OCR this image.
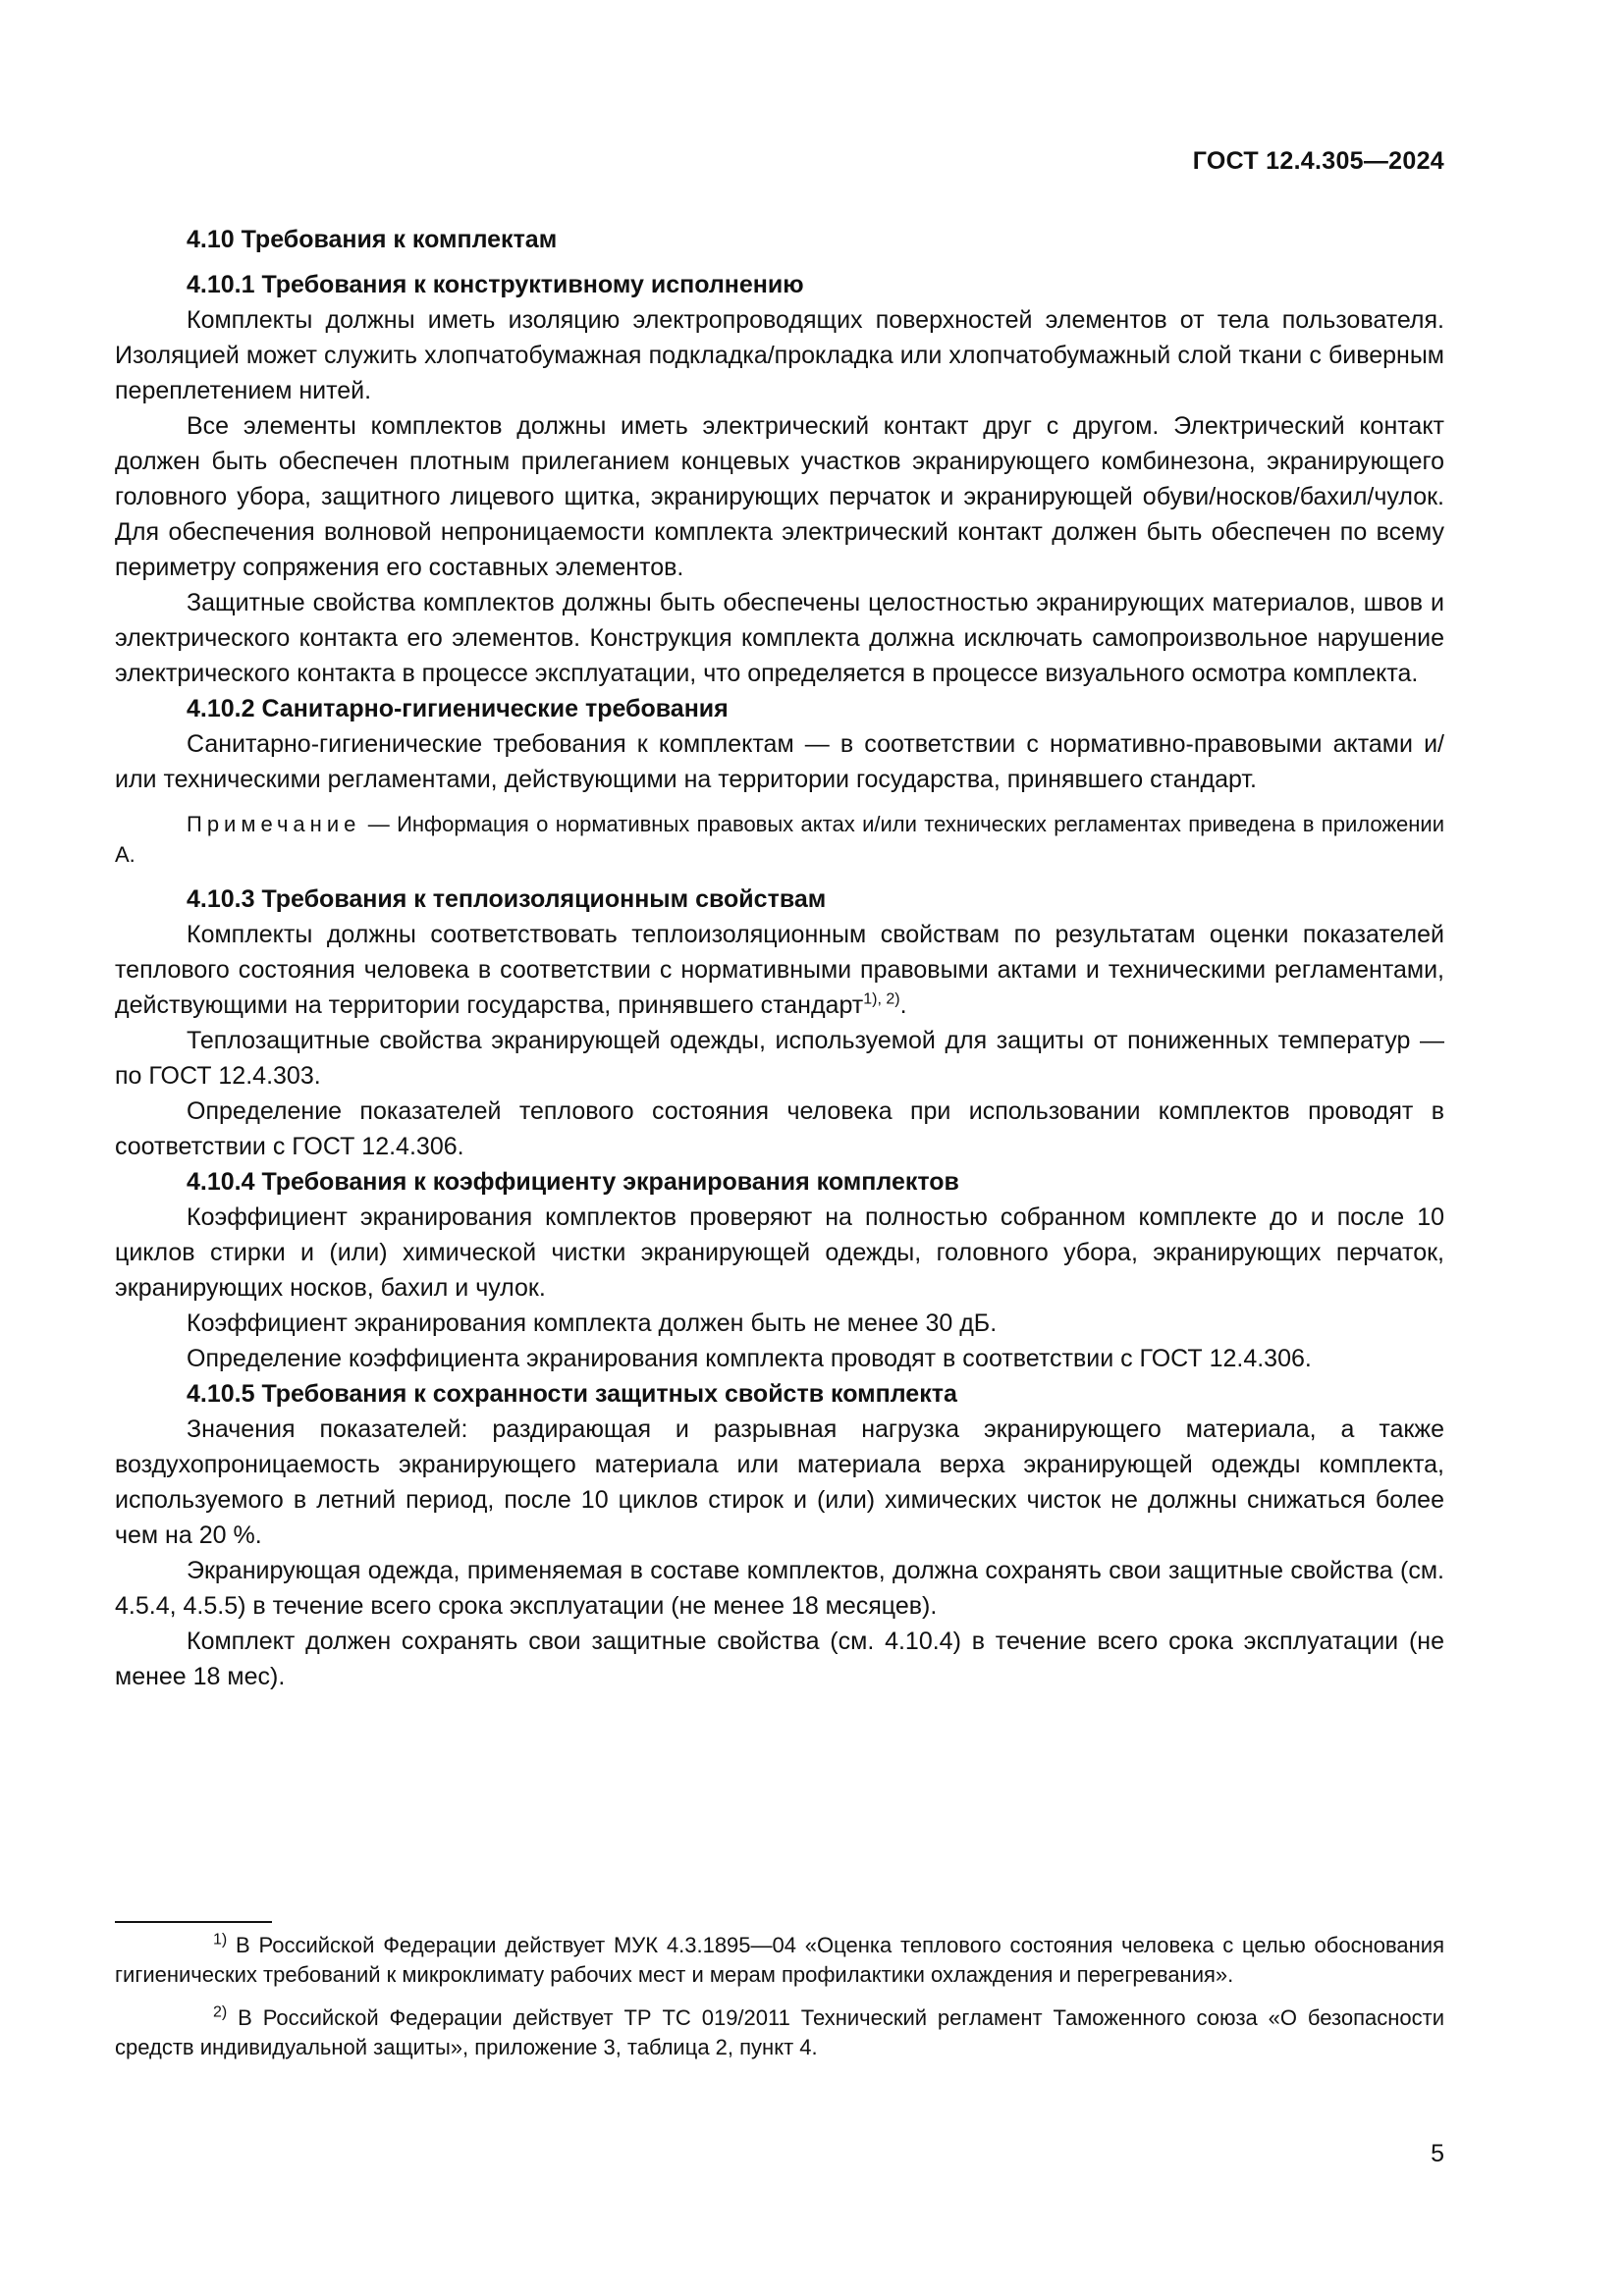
ГОСТ 12.4.305—2024
4.10 Требования к комплектам
4.10.1 Требования к конструктивному исполнению

Комплекты должны иметь изоляцию электропроводящих поверхностей элементов от тела пользователя. Изоляцией может служить хлопчатобумажная подкладка/прокладка или хлопчатобумажный слой ткани с биверным переплетением нитей.

Все элементы комплектов должны иметь электрический контакт друг с другом. Электрический контакт должен быть обеспечен плотным прилеганием концевых участков экранирующего комбинезона, экранирующего головного убора, защитного лицевого щитка, экранирующих перчаток и экранирующей обуви/носков/бахил/чулок. Для обеспечения волновой непроницаемости комплекта электрический контакт должен быть обеспечен по всему периметру сопряжения его составных элементов.

Защитные свойства комплектов должны быть обеспечены целостностью экранирующих материалов, швов и электрического контакта его элементов. Конструкция комплекта должна исключать самопроизвольное нарушение электрического контакта в процессе эксплуатации, что определяется в процессе визуального осмотра комплекта.

4.10.2 Санитарно-гигиенические требования

Санитарно-гигиенические требования к комплектам — в соответствии с нормативно-правовыми актами и/или техническими регламентами, действующими на территории государства, принявшего стандарт.

Примечание — Информация о нормативных правовых актах и/или технических регламентах приведена в приложении А.

4.10.3 Требования к теплоизоляционным свойствам

Комплекты должны соответствовать теплоизоляционным свойствам по результатам оценки показателей теплового состояния человека в соответствии с нормативными правовыми актами и техническими регламентами, действующими на территории государства, принявшего стандарт$^{1), 2)}$.

Теплозащитные свойства экранирующей одежды, используемой для защиты от пониженных температур — по ГОСТ 12.4.303.

Определение показателей теплового состояния человека при использовании комплектов проводят в соответствии с ГОСТ 12.4.306.

4.10.4 Требования к коэффициенту экранирования комплектов

Коэффициент экранирования комплектов проверяют на полностью собранном комплекте до и после 10 циклов стирки и (или) химической чистки экранирующей одежды, головного убора, экранирующих перчаток, экранирующих носков, бахил и чулок.

Коэффициент экранирования комплекта должен быть не менее 30 дБ.

Определение коэффициента экранирования комплекта проводят в соответствии с ГОСТ 12.4.306.

4.10.5 Требования к сохранности защитных свойств комплекта

Значения показателей: раздирающая и разрывная нагрузка экранирующего материала, а также воздухопроницаемость экранирующего материала или материала верха экранирующей одежды комплекта, используемого в летний период, после 10 циклов стирок и (или) химических чисток не должны снижаться более чем на 20 %.

Экранирующая одежда, применяемая в составе комплектов, должна сохранять свои защитные свойства (см. 4.5.4, 4.5.5) в течение всего срока эксплуатации (не менее 18 месяцев).

Комплект должен сохранять свои защитные свойства (см. 4.10.4) в течение всего срока эксплуатации (не менее 18 мес).

$^{1)}$ В Российской Федерации действует МУК 4.3.1895—04 «Оценка теплового состояния человека с целью обоснования гигиенических требований к микроклимату рабочих мест и мерам профилактики охлаждения и перегревания».

$^{2)}$ В Российской Федерации действует ТР ТС 019/2011 Технический регламент Таможенного союза «О безопасности средств индивидуальной защиты», приложение 3, таблица 2, пункт 4.

5
